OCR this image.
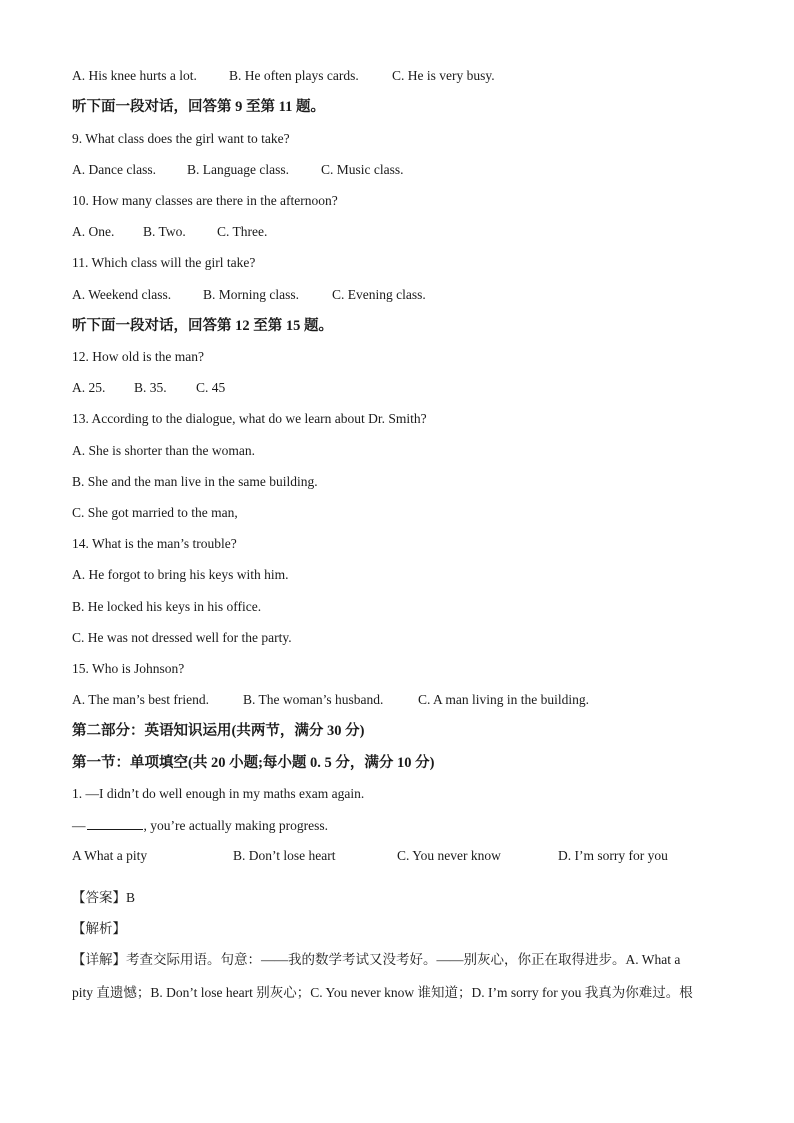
A. His knee hurts a lot. B. He often plays cards. C. He is very busy.
听下面一段对话，回答第 9 至第 11 题。
9. What class does the girl want to take?
A. Dance class. B. Language class. C. Music class.
10. How many classes are there in the afternoon?
A. One. B. Two. C. Three.
11. Which class will the girl take?
A. Weekend class. B. Morning class. C. Evening class.
听下面一段对话，回答第 12 至第 15 题。
12. How old is the man?
A. 25. B. 35. C. 45
13. According to the dialogue, what do we learn about Dr. Smith?
A. She is shorter than the woman.
B. She and the man live in the same building.
C. She got married to the man,
14. What is the man’s trouble?
A. He forgot to bring his keys with him.
B. He locked his keys in his office.
C. He was not dressed well for the party.
15. Who is Johnson?
A. The man’s best friend.	B. The woman’s husband.	C. A man living in the building.
第二部分：英语知识运用(共两节，满分 30 分)
第一节：单项填空(共 20 小题;每小题 0. 5 分，满分 10 分)
1. —I didn’t do well enough in my maths exam again.
—	, you’re actually making progress.
A What a pity	B. Don’t lose heart	C. You never know	D. I’m sorry for you
【答案】B
【解析】
【详解】考查交际用语。句意：——我的数学考试又没考好。——别灰心，你正在取得进步。A. What a
pity 直遗憾；B. Don’t lose heart 别灰心；C. You never know 谁知道；D. I’m sorry for you 我真为你难过。根
